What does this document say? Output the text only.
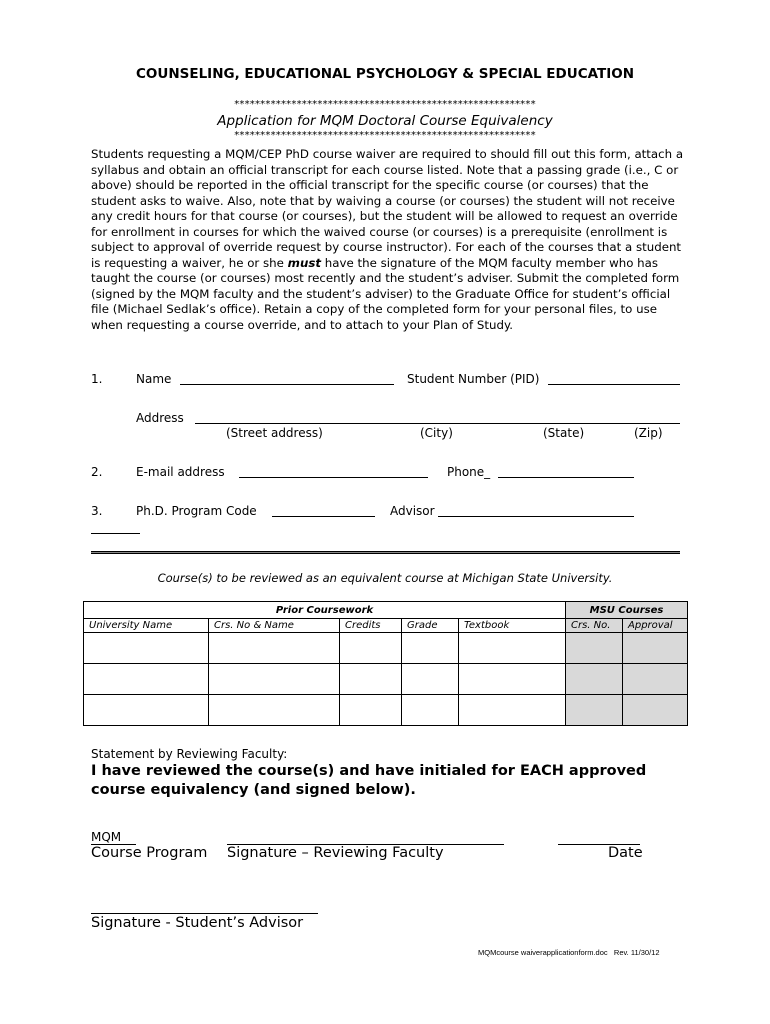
COUNSELING, EDUCATIONAL PSYCHOLOGY & SPECIAL EDUCATION
**********************************************************
Application for MQM Doctoral Course Equivalency
**********************************************************
Students requesting a MQM/CEP PhD course waiver are required to should fill out this form, attach a syllabus and obtain an official transcript for each course listed. Note that a passing grade (i.e., C or above) should be reported in the official transcript for the specific course (or courses) that the student asks to waive. Also, note that by waiving a course (or courses) the student will not receive any credit hours for that course (or courses), but the student will be allowed to request an override for enrollment in courses for which the waived course (or courses) is a prerequisite (enrollment is subject to approval of override request by course instructor). For each of the courses that a student is requesting a waiver, he or she must have the signature of the MQM faculty member who has taught the course (or courses) most recently and the student’s adviser. Submit the completed form (signed by the MQM faculty and the student’s adviser) to the Graduate Office for student’s official file (Michael Sedlak’s office). Retain a copy of the completed form for your personal files, to use when requesting a course override, and to attach to your Plan of Study.
1.	Name	Student Number (PID)
Address
(Street address)	(City)	(State)	(Zip)
2.	E-mail address	Phone_
3.	Ph.D. Program Code	Advisor
Course(s) to be reviewed as an equivalent course at Michigan State University.
Prior Coursework					MSU Courses	
University Name	Crs. No & Name	Credits	Grade	Textbook	Crs. No.	Approval

Statement by Reviewing Faculty:
I have reviewed the course(s) and have initialed for EACH approved course equivalency (and signed below).
MQM
Course Program Signature – Reviewing Faculty	Date
Signature - Student’s Advisor
MQMcourse waiverapplicationform.doc Rev. 11/30/12
